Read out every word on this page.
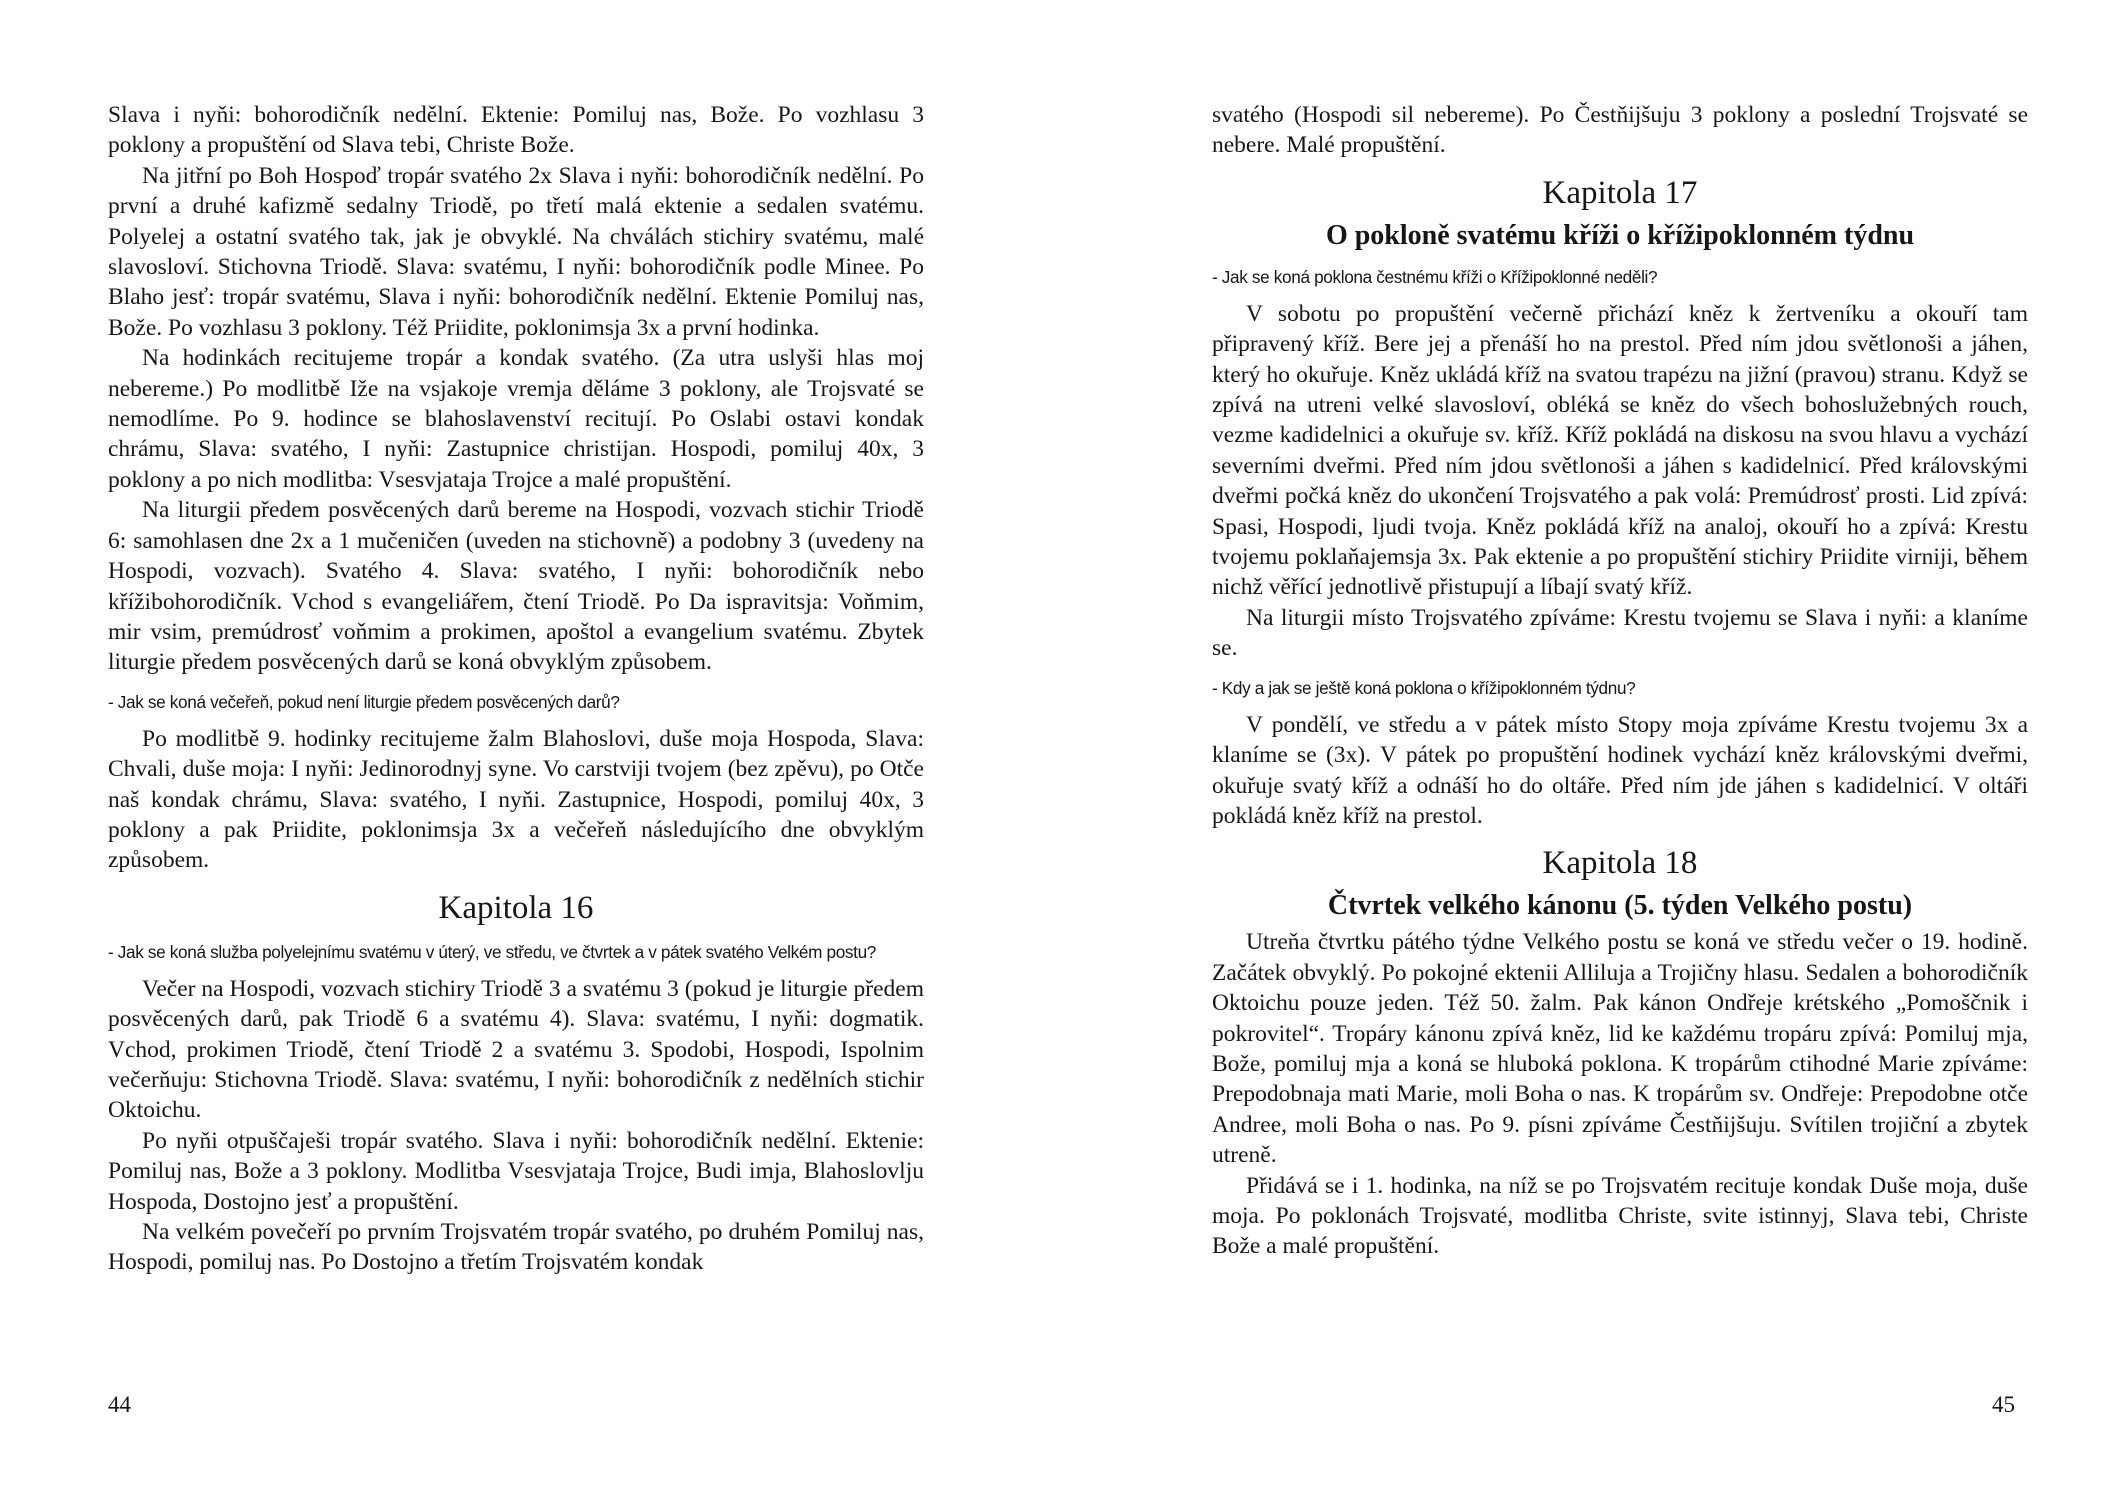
Slava i nyňi: bohorodičník nedělní. Ektenie: Pomiluj nas, Bože. Po vozhlasu 3 poklony a propuštění od Slava tebi, Christe Bože.

Na jitřní po Boh Hospoď tropár svatého 2x Slava i nyňi: bohorodičník nedělní. Po první a druhé kafizmě sedalny Triodě, po třetí malá ektenie a sedalen svatému. Polyelej a ostatní svatého tak, jak je obvyklé. Na chválách stichiry svatému, malé slavosloví. Stichovna Triodě. Slava: svatému, I nyňi: bohorodičník podle Minee. Po Blaho jesť: tropár svatému, Slava i nyňi: bohorodičník nedělní. Ektenie Pomiluj nas, Bože. Po vozhlasu 3 poklony. Též Priidite, poklonimsja 3x a první hodinka.

Na hodinkách recitujeme tropár a kondak svatého. (Za utra uslyši hlas moj nebereme.) Po modlitbě Iže na vsjakoje vremja děláme 3 poklony, ale Trojsvaté se nemodlíme. Po 9. hodince se blahoslavenství recitují. Po Oslabi ostavi kondak chrámu, Slava: svatého, I nyňi: Zastupnice christijan. Hospodi, pomiluj 40x, 3 poklony a po nich modlitba: Vsesvjataja Trojce a malé propuštění.

Na liturgii předem posvěcených darů bereme na Hospodi, vozvach stichir Triodě 6: samohlasen dne 2x a 1 mučeničen (uveden na stichovně) a podobny 3 (uvedeny na Hospodi, vozvach). Svatého 4. Slava: svatého, I nyňi: bohorodičník nebo křížibohorodičník. Vchod s evangeliářem, čtení Triodě. Po Da ispravitsja: Voňmim, mir vsim, premúdrosť voňmim a prokimen, apoštol a evangelium svatému. Zbytek liturgie předem posvěcených darů se koná obvyklým způsobem.

- Jak se koná večeřeň, pokud není liturgie předem posvěcených darů?

Po modlitbě 9. hodinky recitujeme žalm Blahoslovi, duše moja Hospoda, Slava: Chvali, duše moja: I nyňi: Jedinorodnyj syne. Vo carstviji tvojem (bez zpěvu), po Otče naš kondak chrámu, Slava: svatého, I nyňi. Zastupnice, Hospodi, pomiluj 40x, 3 poklony a pak Priidite, poklonimsja 3x a večeřeň následujícího dne obvyklým způsobem.

Kapitola 16

- Jak se koná služba polyelejnímu svatému v úterý, ve středu, ve čtvrtek a v pátek svatého Velkém postu?

Večer na Hospodi, vozvach stichiry Triodě 3 a svatému 3 (pokud je liturgie předem posvěcených darů, pak Triodě 6 a svatému 4). Slava: svatému, I nyňi: dogmatik. Vchod, prokimen Triodě, čtení Triodě 2 a svatému 3. Spodobi, Hospodi, Ispolnim večerňuju: Stichovna Triodě. Slava: svatému, I nyňi: bohorodičník z nedělních stichir Oktoichu.

Po nyňi otpuščaješi tropár svatého. Slava i nyňi: bohorodičník nedělní. Ektenie: Pomiluj nas, Bože a 3 poklony. Modlitba Vsesvjataja Trojce, Budi imja, Blahoslovlju Hospoda, Dostojno jesť a propuštění.

Na velkém povečeří po prvním Trojsvatém tropár svatého, po druhém Pomiluj nas, Hospodi, pomiluj nas. Po Dostojno a třetím Trojsvatém kondak

44

svatého (Hospodi sil nebereme). Po Čestňijšuju 3 poklony a poslední Trojsvaté se nebere. Malé propuštění.

Kapitola 17
O pokloně svatému kříži o křížipoklonném týdnu

- Jak se koná poklona čestnému kříži o Křížipoklonné neděli?

V sobotu po propuštění večerně přichází kněz k žertveníku a okouří tam připravený kříž. Bere jej a přenáší ho na prestol. Před ním jdou světlonoši a jáhen, který ho okuřuje. Kněz ukládá kříž na svatou trapézu na jižní (pravou) stranu. Když se zpívá na utreni velké slavosloví, obléká se kněz do všech bohoslužebných rouch, vezme kadidelnici a okuřuje sv. kříž. Kříž pokládá na diskosu na svou hlavu a vychází severními dveřmi. Před ním jdou světlonoši a jáhen s kadidelnicí. Před královskými dveřmi počká kněz do ukončení Trojsvatého a pak volá: Premúdrosť prosti. Lid zpívá: Spasi, Hospodi, ljudi tvoja. Kněz pokládá kříž na analoj, okouří ho a zpívá: Krestu tvojemu poklaňajemsja 3x. Pak ektenie a po propuštění stichiry Priidite virniji, během nichž věřící jednotlivě přistupují a líbají svatý kříž.

Na liturgii místo Trojsvatého zpíváme: Krestu tvojemu se Slava i nyňi: a klaníme se.

- Kdy a jak se ještě koná poklona o křížipoklonném týdnu?

V pondělí, ve středu a v pátek místo Stopy moja zpíváme Krestu tvojemu 3x a klaníme se (3x). V pátek po propuštění hodinek vychází kněz královskými dveřmi, okuřuje svatý kříž a odnáší ho do oltáře. Před ním jde jáhen s kadidelnicí. V oltáři pokládá kněz kříž na prestol.

Kapitola 18
Čtvrtek velkého kánonu (5. týden Velkého postu)

Utreňa čtvrtku pátého týdne Velkého postu se koná ve středu večer o 19. hodině. Začátek obvyklý. Po pokojné ektenii Alliluja a Trojičny hlasu. Sedalen a bohorodičník Oktoichu pouze jeden. Též 50. žalm. Pak kánon Ondřeje krétského „Pomoščnik i pokrovitel“. Tropáry kánonu zpívá kněz, lid ke každému tropáru zpívá: Pomiluj mja, Bože, pomiluj mja a koná se hluboká poklona. K tropárům ctihodné Marie zpíváme: Prepodobnaja mati Marie, moli Boha o nas. K tropárům sv. Ondřeje: Prepodobne otče Andree, moli Boha o nas. Po 9. písni zpíváme Čestňijšuju. Svítilen trojiční a zbytek utreně.

Přidává se i 1. hodinka, na níž se po Trojsvatém recituje kondak Duše moja, duše moja. Po poklonách Trojsvaté, modlitba Christe, svite istinnyj, Slava tebi, Christe Bože a malé propuštění.

45
